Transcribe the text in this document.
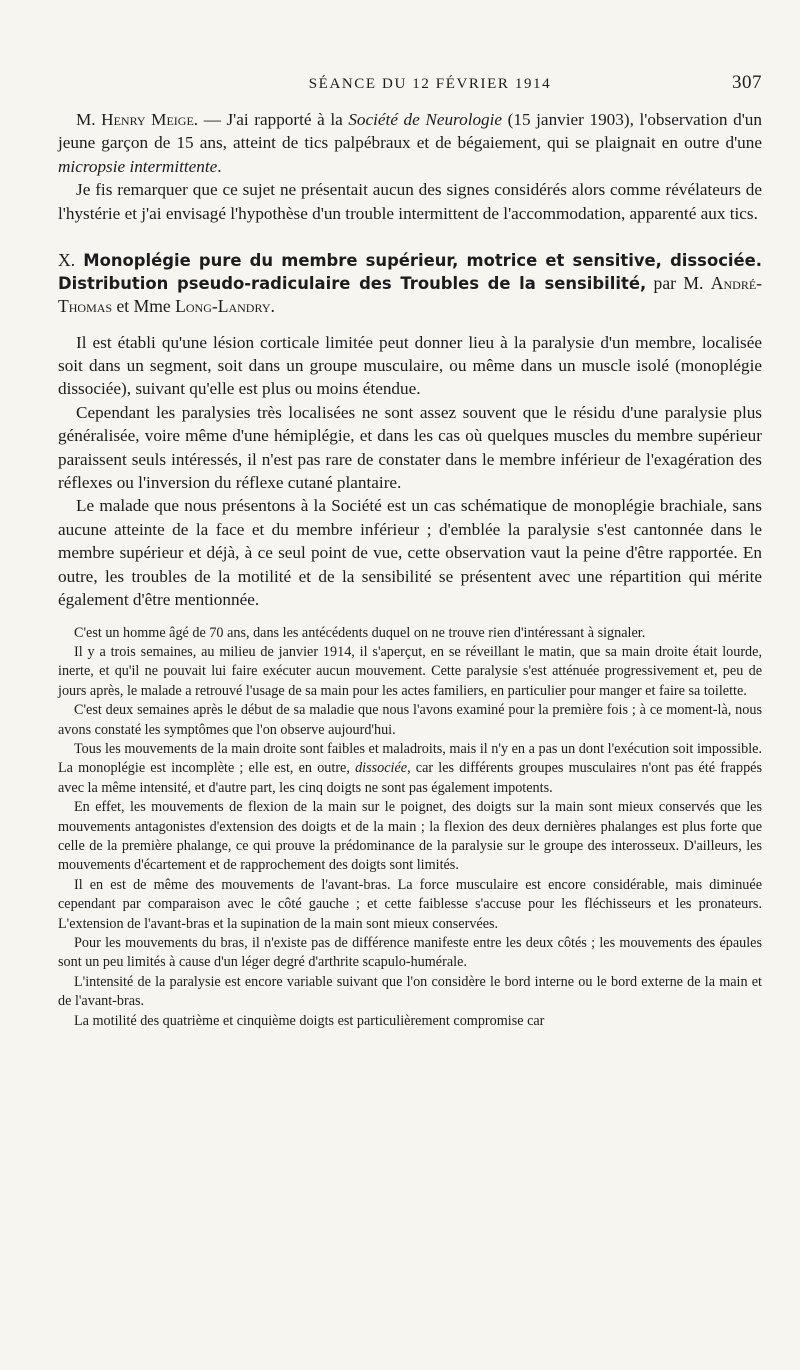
SÉANCE DU 12 FÉVRIER 1914	307

M. Henry Meige. — J'ai rapporté à la Société de Neurologie (15 janvier 1903), l'observation d'un jeune garçon de 15 ans, atteint de tics palpébraux et de bégaiement, qui se plaignait en outre d'une micropsie intermittente.

Je fis remarquer que ce sujet ne présentait aucun des signes considérés alors comme révélateurs de l'hystérie et j'ai envisagé l'hypothèse d'un trouble intermittent de l'accommodation, apparenté aux tics.

X. Monoplégie pure du membre supérieur, motrice et sensitive, dissociée. Distribution pseudo-radiculaire des Troubles de la sensibilité, par M. André-Thomas et Mme Long-Landry.

Il est établi qu'une lésion corticale limitée peut donner lieu à la paralysie d'un membre, localisée soit dans un segment, soit dans un groupe musculaire, ou même dans un muscle isolé (monoplégie dissociée), suivant qu'elle est plus ou moins étendue.

Cependant les paralysies très localisées ne sont assez souvent que le résidu d'une paralysie plus généralisée, voire même d'une hémiplégie, et dans les cas où quelques muscles du membre supérieur paraissent seuls intéressés, il n'est pas rare de constater dans le membre inférieur de l'exagération des réflexes ou l'inversion du réflexe cutané plantaire.

Le malade que nous présentons à la Société est un cas schématique de monoplégie brachiale, sans aucune atteinte de la face et du membre inférieur ; d'emblée la paralysie s'est cantonnée dans le membre supérieur et déjà, à ce seul point de vue, cette observation vaut la peine d'être rapportée. En outre, les troubles de la motilité et de la sensibilité se présentent avec une répartition qui mérite également d'être mentionnée.

C'est un homme âgé de 70 ans, dans les antécédents duquel on ne trouve rien d'intéressant à signaler.

Il y a trois semaines, au milieu de janvier 1914, il s'aperçut, en se réveillant le matin, que sa main droite était lourde, inerte, et qu'il ne pouvait lui faire exécuter aucun mouvement. Cette paralysie s'est atténuée progressivement et, peu de jours après, le malade a retrouvé l'usage de sa main pour les actes familiers, en particulier pour manger et faire sa toilette.

C'est deux semaines après le début de sa maladie que nous l'avons examiné pour la première fois ; à ce moment-là, nous avons constaté les symptômes que l'on observe aujourd'hui.

Tous les mouvements de la main droite sont faibles et maladroits, mais il n'y en a pas un dont l'exécution soit impossible. La monoplégie est incomplète ; elle est, en outre, dissociée, car les différents groupes musculaires n'ont pas été frappés avec la même intensité, et d'autre part, les cinq doigts ne sont pas également impotents.

En effet, les mouvements de flexion de la main sur le poignet, des doigts sur la main sont mieux conservés que les mouvements antagonistes d'extension des doigts et de la main ; la flexion des deux dernières phalanges est plus forte que celle de la première phalange, ce qui prouve la prédominance de la paralysie sur le groupe des interosseux. D'ailleurs, les mouvements d'écartement et de rapprochement des doigts sont limités.

Il en est de même des mouvements de l'avant-bras. La force musculaire est encore considérable, mais diminuée cependant par comparaison avec le côté gauche ; et cette faiblesse s'accuse pour les fléchisseurs et les pronateurs. L'extension de l'avant-bras et la supination de la main sont mieux conservées.

Pour les mouvements du bras, il n'existe pas de différence manifeste entre les deux côtés ; les mouvements des épaules sont un peu limités à cause d'un léger degré d'arthrite scapulo-humérale.

L'intensité de la paralysie est encore variable suivant que l'on considère le bord interne ou le bord externe de la main et de l'avant-bras.

La motilité des quatrième et cinquième doigts est particulièrement compromise car
